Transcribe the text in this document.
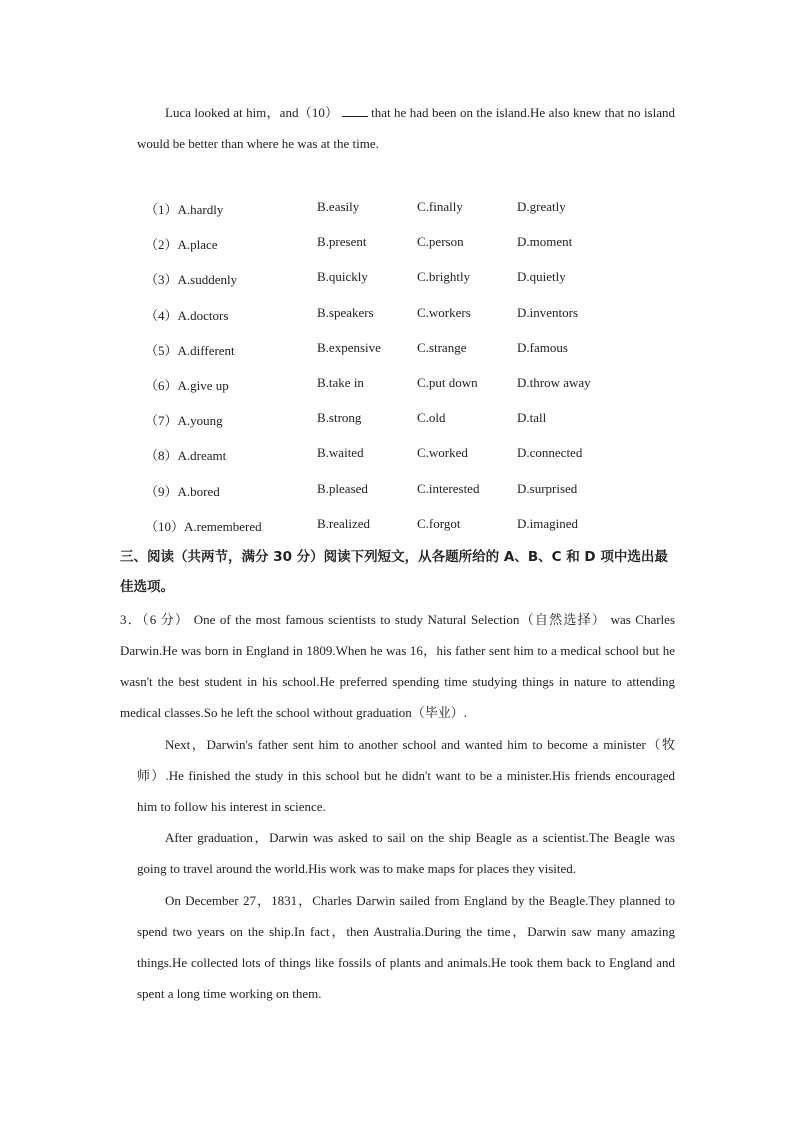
Luca looked at him，and（10）	that he had been on the island.He also knew that no island would be better than where he was at the time.
（1）A.hardly	B.easily	C.finally	D.greatly
（2）A.place	B.present	C.person	D.moment
（3）A.suddenly	B.quickly	C.brightly	D.quietly
（4）A.doctors	B.speakers	C.workers	D.inventors
（5）A.different	B.expensive	C.strange	D.famous
（6）A.give up	B.take in	C.put down	D.throw away
（7）A.young	B.strong	C.old	D.tall
（8）A.dreamt	B.waited	C.worked	D.connected
（9）A.bored	B.pleased	C.interested	D.surprised
（10）A.remembered	B.realized	C.forgot	D.imagined
三、阅读（共两节，满分 30 分）阅读下列短文，从各题所给的 A、B、C 和 D 项中选出最佳选项。
3．（6 分） One of the most famous scientists to study Natural Selection（自然选择） was Charles Darwin.He was born in England in 1809.When he was 16，his father sent him to a medical school but he wasn't the best student in his school.He preferred spending time studying things in nature to attending medical classes.So he left the school without graduation（毕业）.
Next，Darwin's father sent him to another school and wanted him to become a minister（牧师）.He finished the study in this school but he didn't want to be a minister.His friends encouraged him to follow his interest in science.
After graduation，Darwin was asked to sail on the ship Beagle as a scientist.The Beagle was going to travel around the world.His work was to make maps for places they visited.
On December 27，1831，Charles Darwin sailed from England by the Beagle.They planned to spend two years on the ship.In fact，then Australia.During the time，Darwin saw many amazing things.He collected lots of things like fossils of plants and animals.He took them back to England and spent a long time working on them.
